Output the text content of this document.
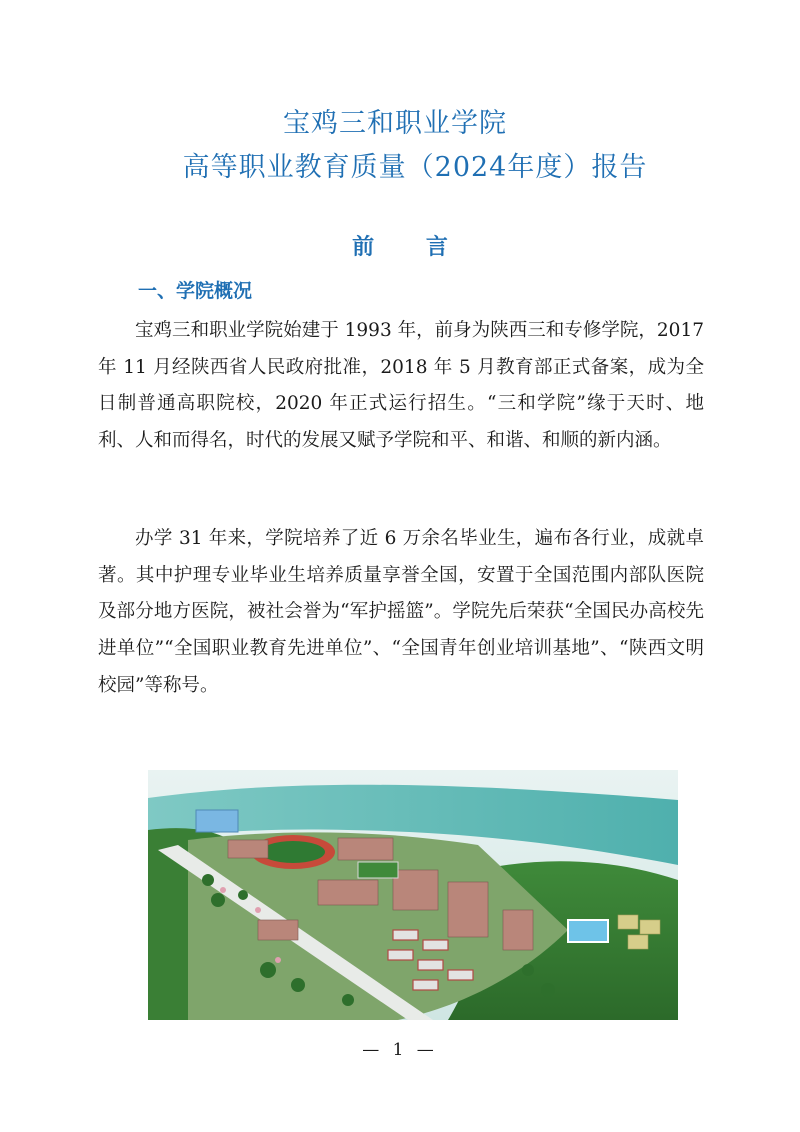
宝鸡三和职业学院
高等职业教育质量（2024年度）报告
前 言
一、学院概况

宝鸡三和职业学院始建于 1993 年，前身为陕西三和专修学院，2017 年 11 月经陕西省人民政府批准，2018 年 5 月教育部正式备案，成为全日制普通高职院校，2020 年正式运行招生。“三和学院”缘于天时、地利、人和而得名，时代的发展又赋予学院和平、和谐、和顺的新内涵。

办学 31 年来，学院培养了近 6 万余名毕业生，遍布各行业，成就卓著。其中护理专业毕业生培养质量享誉全国，安置于全国范围内部队医院及部分地方医院，被社会誉为“军护摇篮”。学院先后荣获“全国民办高校先进单位”“全国职业教育先进单位”、“全国青年创业培训基地”、“陕西文明校园”等称号。

— 1 —
